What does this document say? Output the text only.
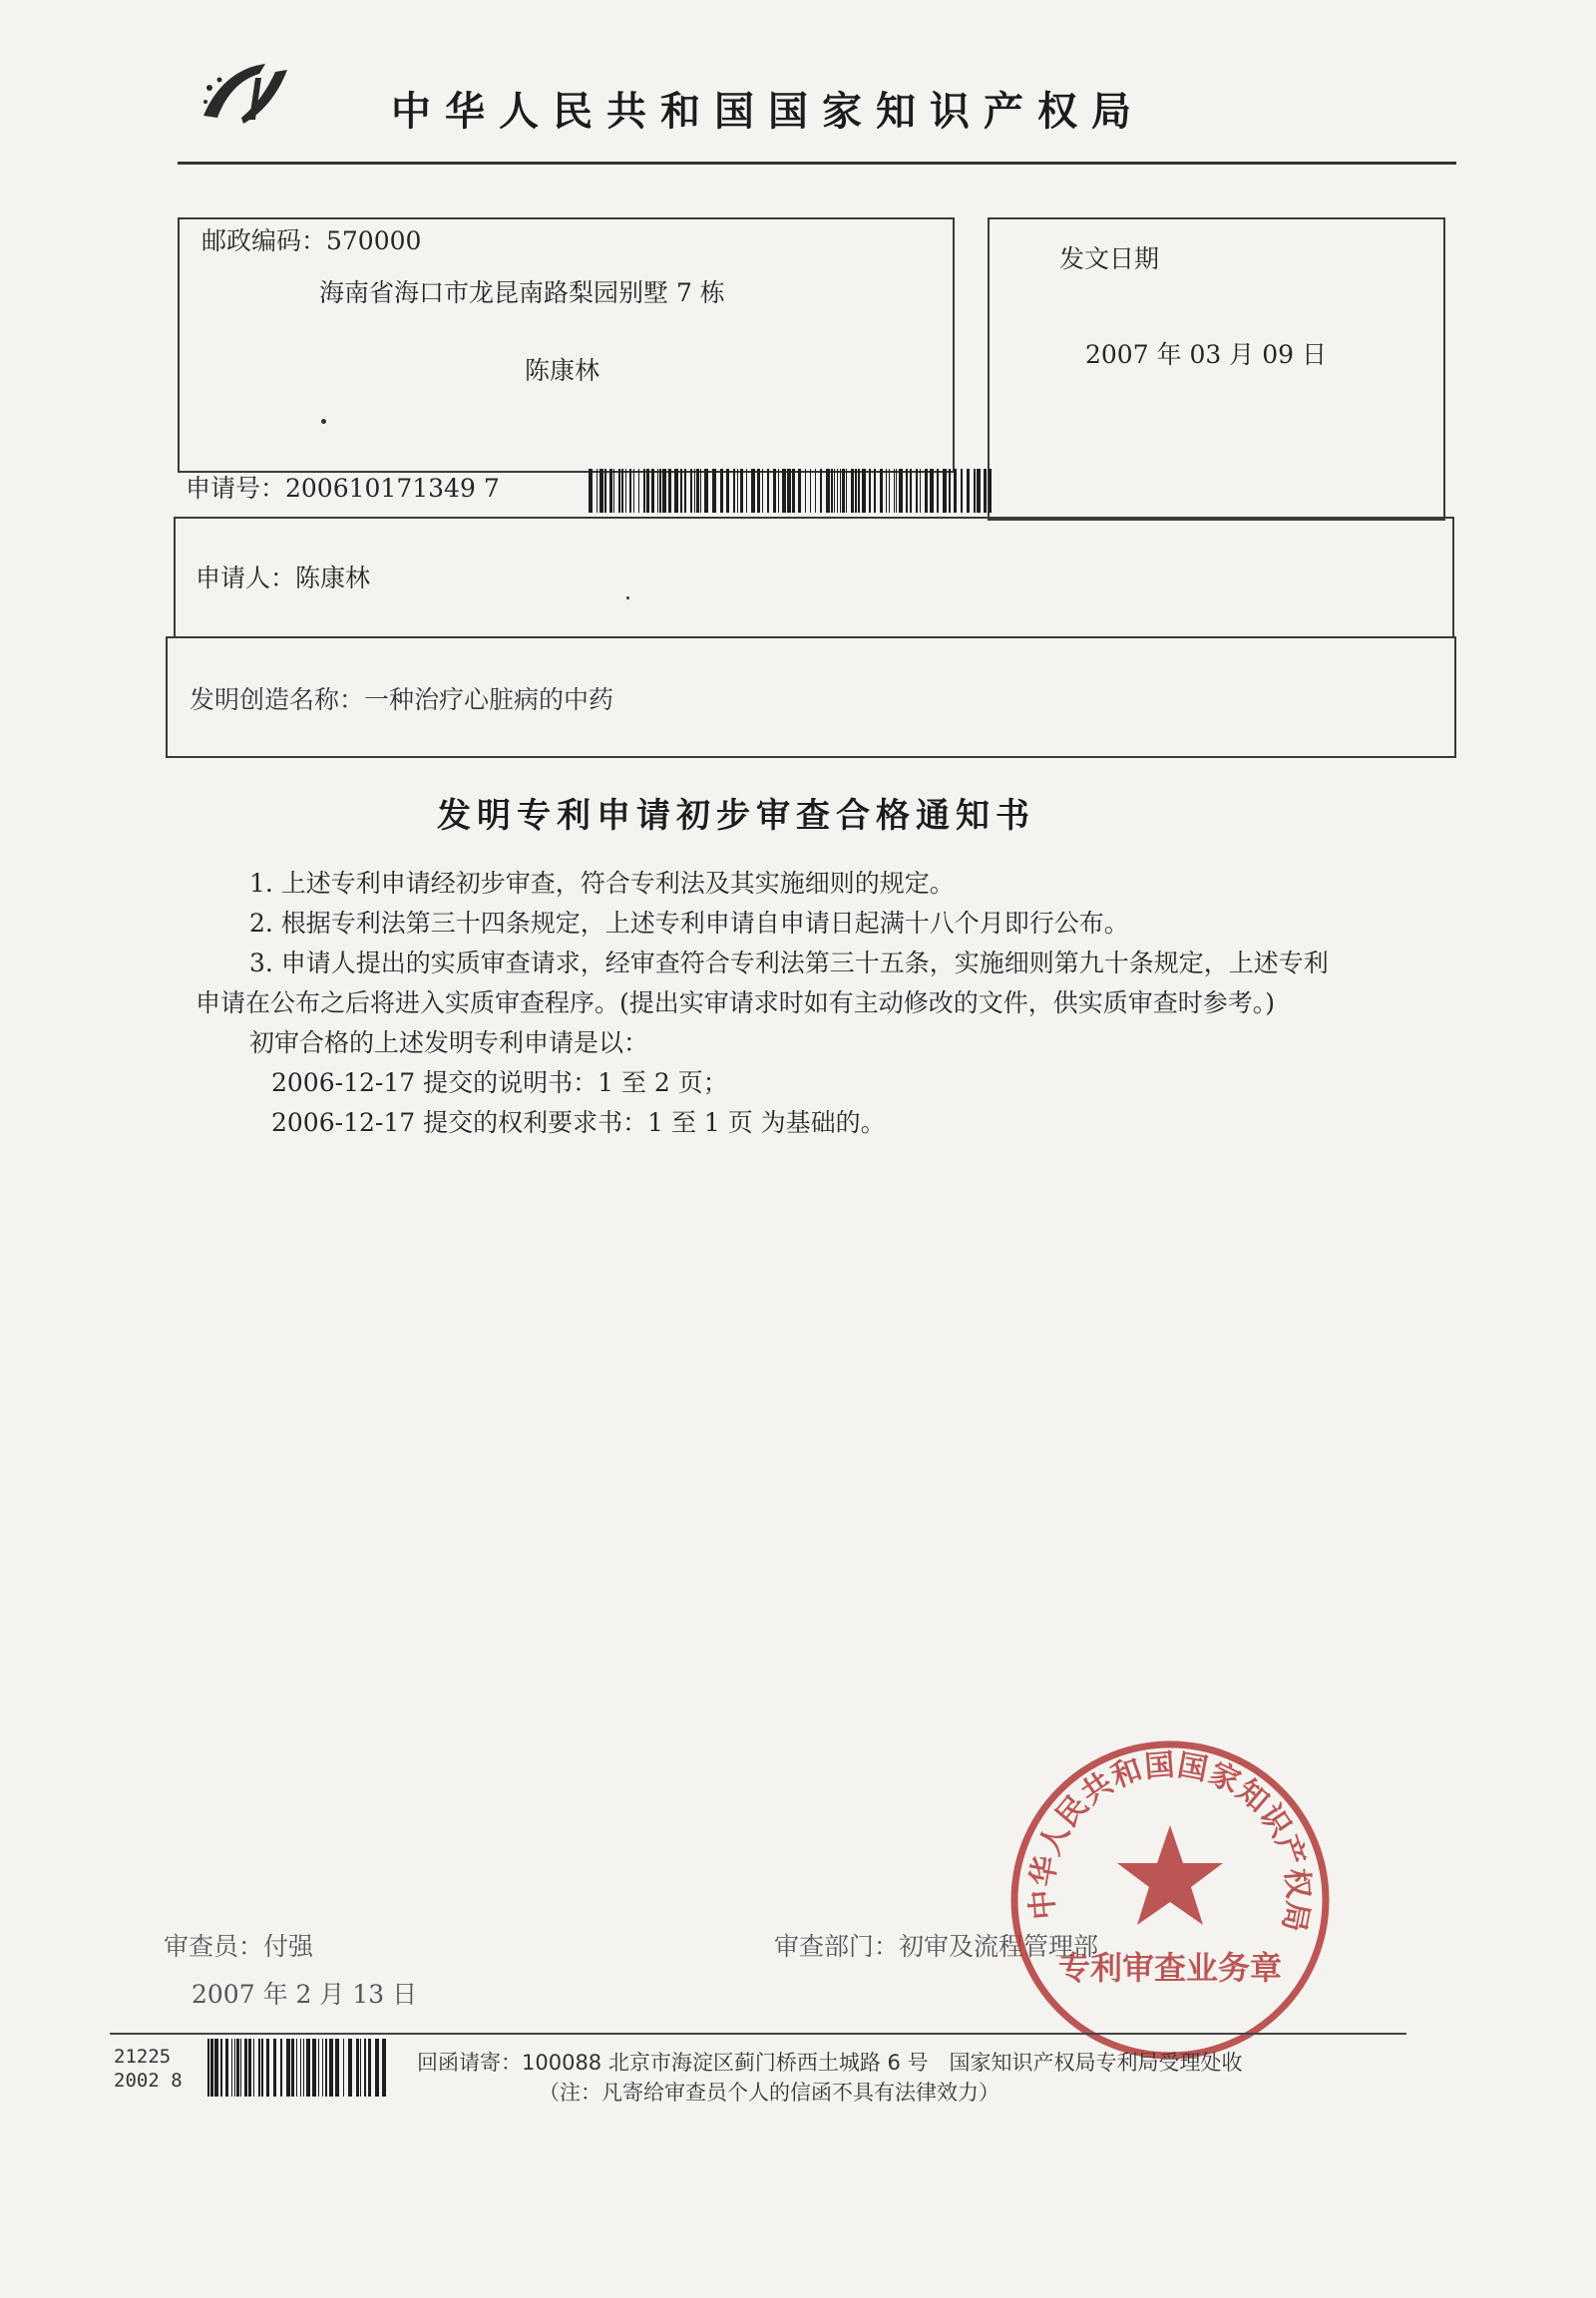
中华人民共和国国家知识产权局
邮政编码：570000
海南省海口市龙昆南路梨园别墅 7 栋
陈康林
发文日期
2007 年 03 月 09 日
申请号：200610171349 7
申请人：陈康林
发明创造名称：一种治疗心脏病的中药
发明专利申请初步审查合格通知书
1. 上述专利申请经初步审查，符合专利法及其实施细则的规定。
2. 根据专利法第三十四条规定，上述专利申请自申请日起满十八个月即行公布。
3. 申请人提出的实质审查请求，经审查符合专利法第三十五条，实施细则第九十条规定，上述专利
申请在公布之后将进入实质审查程序。(提出实审请求时如有主动修改的文件，供实质审查时参考。)
初审合格的上述发明专利申请是以：
2006-12-17 提交的说明书：1 至 2 页；
2006-12-17 提交的权利要求书：1 至 1 页 为基础的。
审查员：付强
2007 年 2 月 13 日
审查部门：初审及流程管理部
中华人民共和国国家知识产权局
专利审查业务章
21225
2002 8
回函请寄：100088 北京市海淀区蓟门桥西土城路 6 号　国家知识产权局专利局受理处收
（注：凡寄给审查员个人的信函不具有法律效力）
